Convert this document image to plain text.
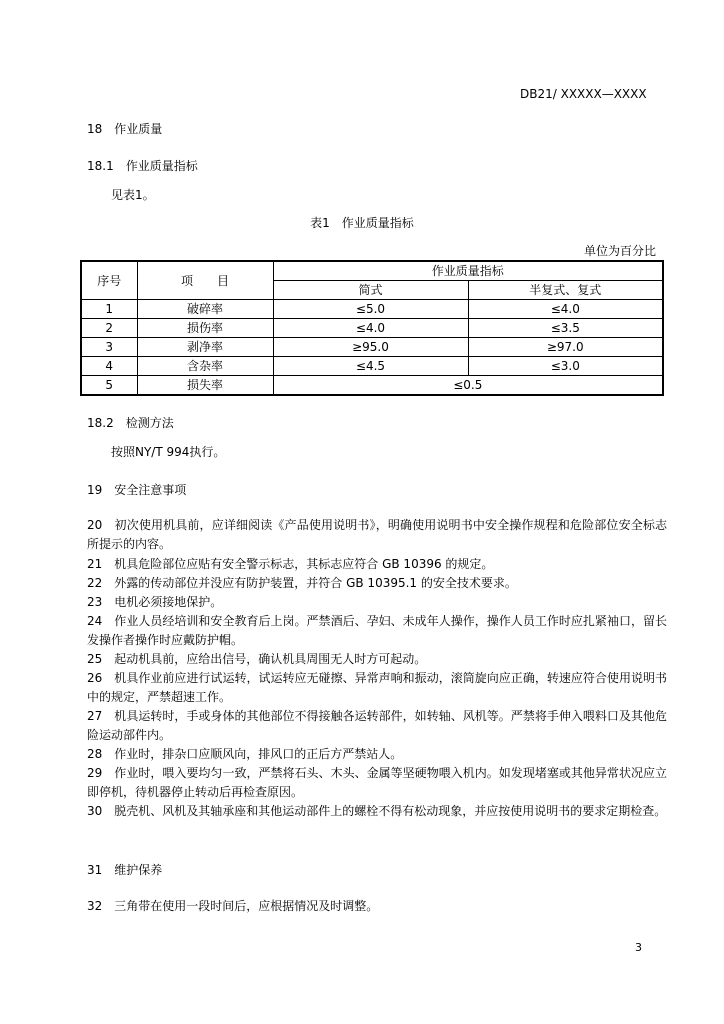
DB21/ XXXXX—XXXX
18　作业质量
18.1　作业质量指标
见表1。
表1　作业质量指标
单位为百分比
序号	项　　目	作业质量指标	
		简式	半复式、复式
1	破碎率	≤5.0	≤4.0
2	损伤率	≤4.0	≤3.5
3	剥净率	≥95.0	≥97.0
4	含杂率	≤4.5	≤3.0
5	损失率	≤0.5	
18.2　检测方法
按照NY/T 994执行。
19　安全注意事项
20　初次使用机具前，应详细阅读《产品使用说明书》，明确使用说明书中安全操作规程和危险部位安全标志所提示的内容。
21　机具危险部位应贴有安全警示标志，其标志应符合 GB 10396 的规定。
22　外露的传动部位并没应有防护装置，并符合 GB 10395.1 的安全技术要求。
23　电机必须接地保护。
24　作业人员经培训和安全教育后上岗。严禁酒后、孕妇、未成年人操作，操作人员工作时应扎紧袖口，留长发操作者操作时应戴防护帽。
25　起动机具前，应给出信号，确认机具周围无人时方可起动。
26　机具作业前应进行试运转，试运转应无碰擦、异常声响和振动，滚筒旋向应正确，转速应符合使用说明书中的规定，严禁超速工作。
27　机具运转时，手或身体的其他部位不得接触各运转部件，如转轴、风机等。严禁将手伸入喂料口及其他危险运动部件内。
28　作业时，排杂口应顺风向，排风口的正后方严禁站人。
29　作业时，喂入要均匀一致，严禁将石头、木头、金属等坚硬物喂入机内。如发现堵塞或其他异常状况应立即停机，待机器停止转动后再检查原因。
30　脱壳机、风机及其轴承座和其他运动部件上的螺栓不得有松动现象，并应按使用说明书的要求定期检查。
31　维护保养
32　三角带在使用一段时间后，应根据情况及时调整。
3
